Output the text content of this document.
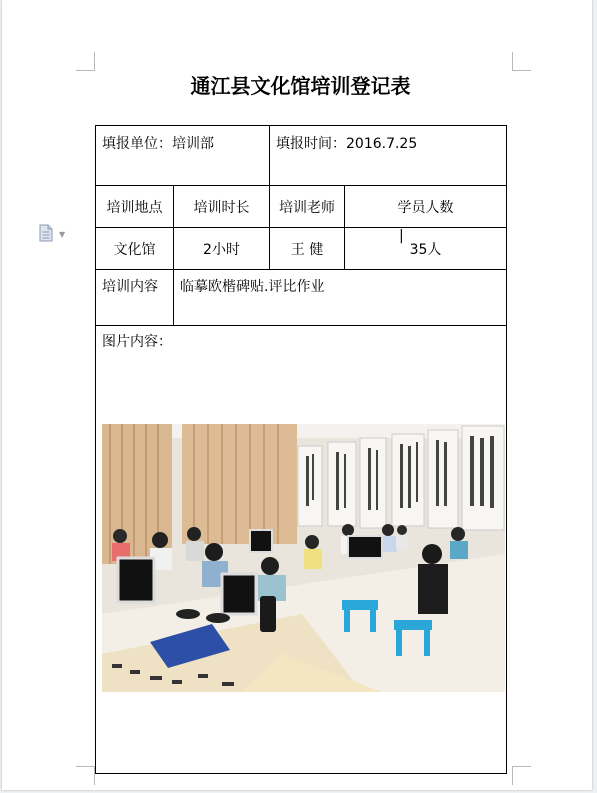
▼
通江县文化馆培训登记表
填报单位：培训部		填报时间：2016.7.25	
培训地点	培训时长	培训老师	学员人数
文化馆	2小时	王 健	35人
培训内容	临摹欧楷碑贴.评比作业		
图片内容：			
|
